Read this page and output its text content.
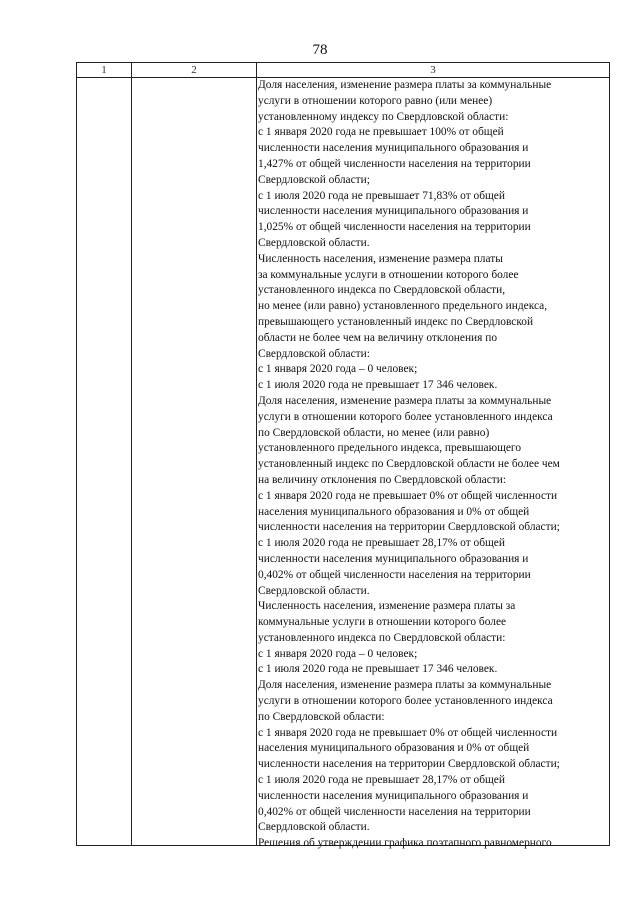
78
1	2	3
Доля населения, изменение размера платы за коммунальные
услуги в отношении которого равно (или менее)
установленному индексу по Свердловской области:
с 1 января 2020 года не превышает 100% от общей
численности населения муниципального образования и
1,427% от общей численности населения на территории
Свердловской области;
с 1 июля 2020 года не превышает 71,83% от общей
численности населения муниципального образования и
1,025% от общей численности населения на территории
Свердловской области.
Численность населения, изменение размера платы
за коммунальные услуги в отношении которого более
установленного индекса по Свердловской области,
но менее (или равно) установленного предельного индекса,
превышающего установленный индекс по Свердловской
области не более чем на величину отклонения по
Свердловской области:
с 1 января 2020 года – 0 человек;
с 1 июля 2020 года не превышает 17 346 человек.
Доля населения, изменение размера платы за коммунальные
услуги в отношении которого более установленного индекса
по Свердловской области, но менее (или равно)
установленного предельного индекса, превышающего
установленный индекс по Свердловской области не более чем
на величину отклонения по Свердловской области:
с 1 января 2020 года не превышает 0% от общей численности
населения муниципального образования и 0% от общей
численности населения на территории Свердловской области;
с 1 июля 2020 года не превышает 28,17% от общей
численности населения муниципального образования и
0,402% от общей численности населения на территории
Свердловской области.
Численность населения, изменение размера платы за
коммунальные услуги в отношении которого более
установленного индекса по Свердловской области:
с 1 января 2020 года – 0 человек;
с 1 июля 2020 года не превышает 17 346 человек.
Доля населения, изменение размера платы за коммунальные
услуги в отношении которого более установленного индекса
по Свердловской области:
с 1 января 2020 года не превышает 0% от общей численности
населения муниципального образования и 0% от общей
численности населения на территории Свердловской области;
с 1 июля 2020 года не превышает 28,17% от общей
численности населения муниципального образования и
0,402% от общей численности населения на территории
Свердловской области.
Решения об утверждении графика поэтапного равномерного
